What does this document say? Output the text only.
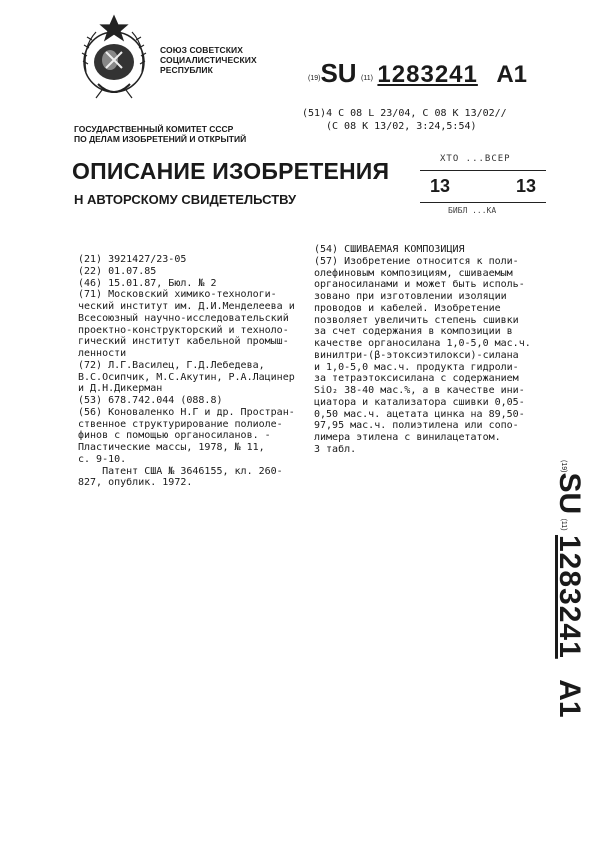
СОЮЗ СОВЕТСКИХ
СОЦИАЛИСТИЧЕСКИХ
РЕСПУБЛИК
(19)SU (11) 1283241 A1
(51)4 C 08 L 23/04, C 08 K 13/02//
(C 08 K 13/02, 3:24,5:54)
ГОСУДАРСТВЕННЫЙ КОМИТЕТ СССР
ПО ДЕЛАМ ИЗОБРЕТЕНИЙ И ОТКРЫТИЙ
ОПИСАНИЕ ИЗОБРЕТЕНИЯ
Н АВТОРСКОМУ СВИДЕТЕЛЬСТВУ
ХТО ...ВСЕР
13	13
БИБЛ ...КА
(21) 3921427/23-05
(22) 01.07.85
(46) 15.01.87, Бюл. № 2
(71) Московский химико-технологи-
ческий институт им. Д.И.Менделеева и
Всесоюзный научно-исследовательский
проектно-конструкторский и техноло-
гический институт кабельной промыш-
ленности
(72) Л.Г.Василец, Г.Д.Лебедева,
В.С.Осипчик, М.С.Акутин, Р.А.Лацинер
и Д.Н.Дикерман
(53) 678.742.044 (088.8)
(56) Коноваленко Н.Г и др. Простран-
ственное структурирование полиоле-
финов с помощью органосиланов. -
Пластические массы, 1978, № 11,
с. 9-10.
Патент США № 3646155, кл. 260-
827, опублик. 1972.
(54) СШИВАЕМАЯ КОМПОЗИЦИЯ
(57) Изобретение относится к поли-
олефиновым композициям, сшиваемым
органосиланами и может быть исполь-
зовано при изготовлении изоляции
проводов и кабелей. Изобретение
позволяет увеличить степень сшивки
за счет содержания в композиции в
качестве органосилана 1,0-5,0 мас.ч.
винилтри-(β-этоксиэтилокси)-силана
и 1,0-5,0 мас.ч. продукта гидроли-
за тетраэтоксисилана с содержанием
SiO₂ 38-40 мас.%, а в качестве ини-
циатора и катализатора сшивки 0,05-
0,50 мас.ч. ацетата цинка на 89,50-
97,95 мас.ч. полиэтилена или сопо-
лимера этилена с винилацетатом.
3 табл.
(19)SU (11) 1283241 A1
